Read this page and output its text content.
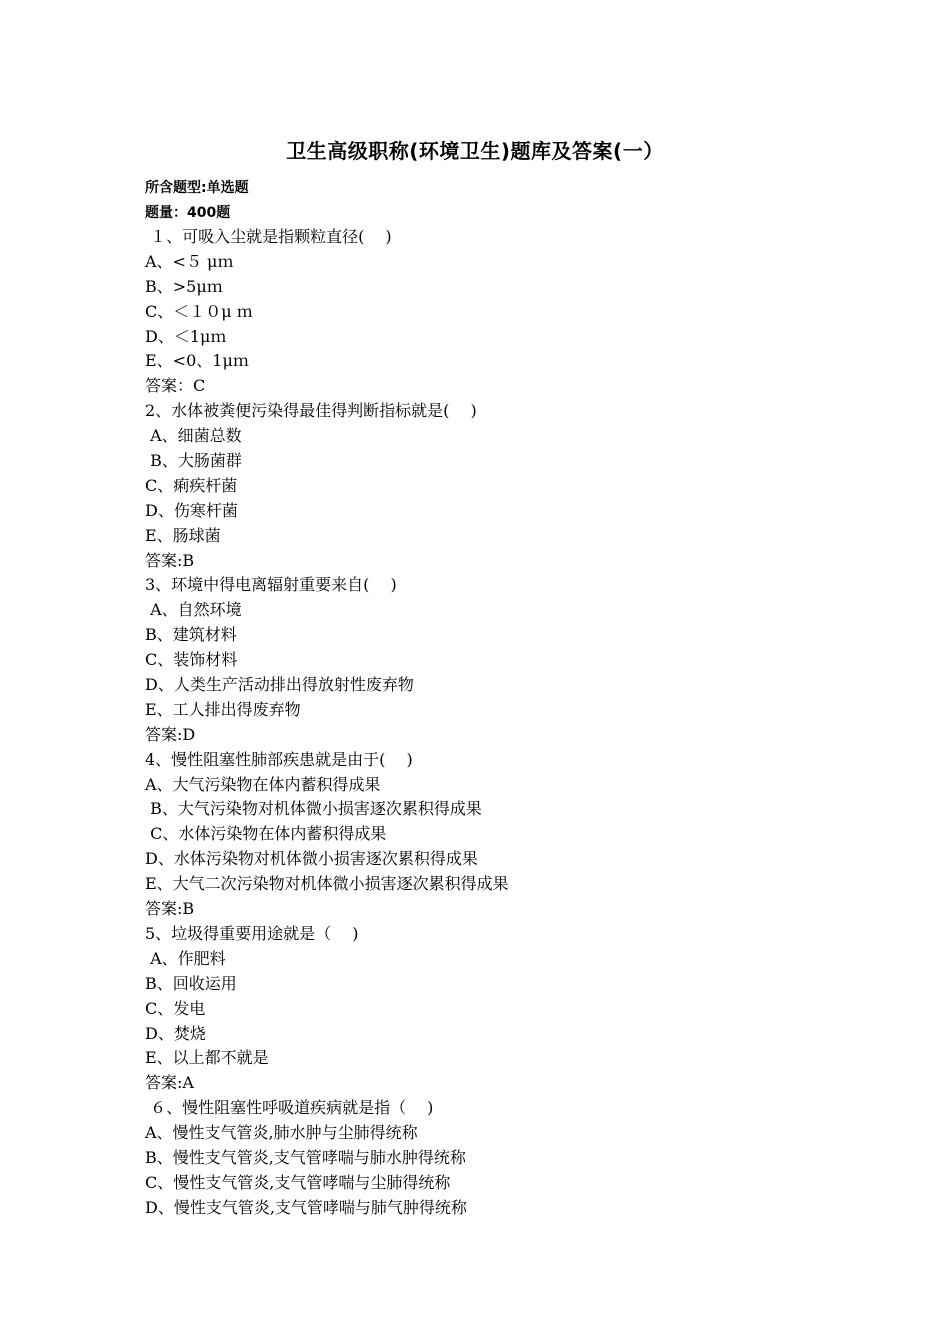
卫生高级职称(环境卫生)题库及答案(一）
所含题型:单选题
题量：400题
１、可吸入尘就是指颗粒直径(　 )
A、<５ μｍ
B、>5μｍ
C、＜１０μ ｍ
D、＜1μｍ
E、<0、1μｍ
答案：C
2、水体被粪便污染得最佳得判断指标就是(　 )
A、细菌总数
B、大肠菌群
C、痢疾杆菌
D、伤寒杆菌
E、肠球菌
答案:B
3、环境中得电离辐射重要来自(　 )
A、自然环境
B、建筑材料
C、装饰材料
D、人类生产活动排出得放射性废弃物
E、工人排出得废弃物
答案:D
4、慢性阻塞性肺部疾患就是由于(　 )
A、大气污染物在体内蓄积得成果
B、大气污染物对机体微小损害逐次累积得成果
C、水体污染物在体内蓄积得成果
D、水体污染物对机体微小损害逐次累积得成果
E、大气二次污染物对机体微小损害逐次累积得成果
答案:B
5、垃圾得重要用途就是（　 )
A、作肥料
B、回收运用
C、发电
D、焚烧
E、以上都不就是
答案:A
６、慢性阻塞性呼吸道疾病就是指（　 )
A、慢性支气管炎,肺水肿与尘肺得统称
B、慢性支气管炎,支气管哮喘与肺水肿得统称
C、慢性支气管炎,支气管哮喘与尘肺得统称
D、慢性支气管炎,支气管哮喘与肺气肿得统称
